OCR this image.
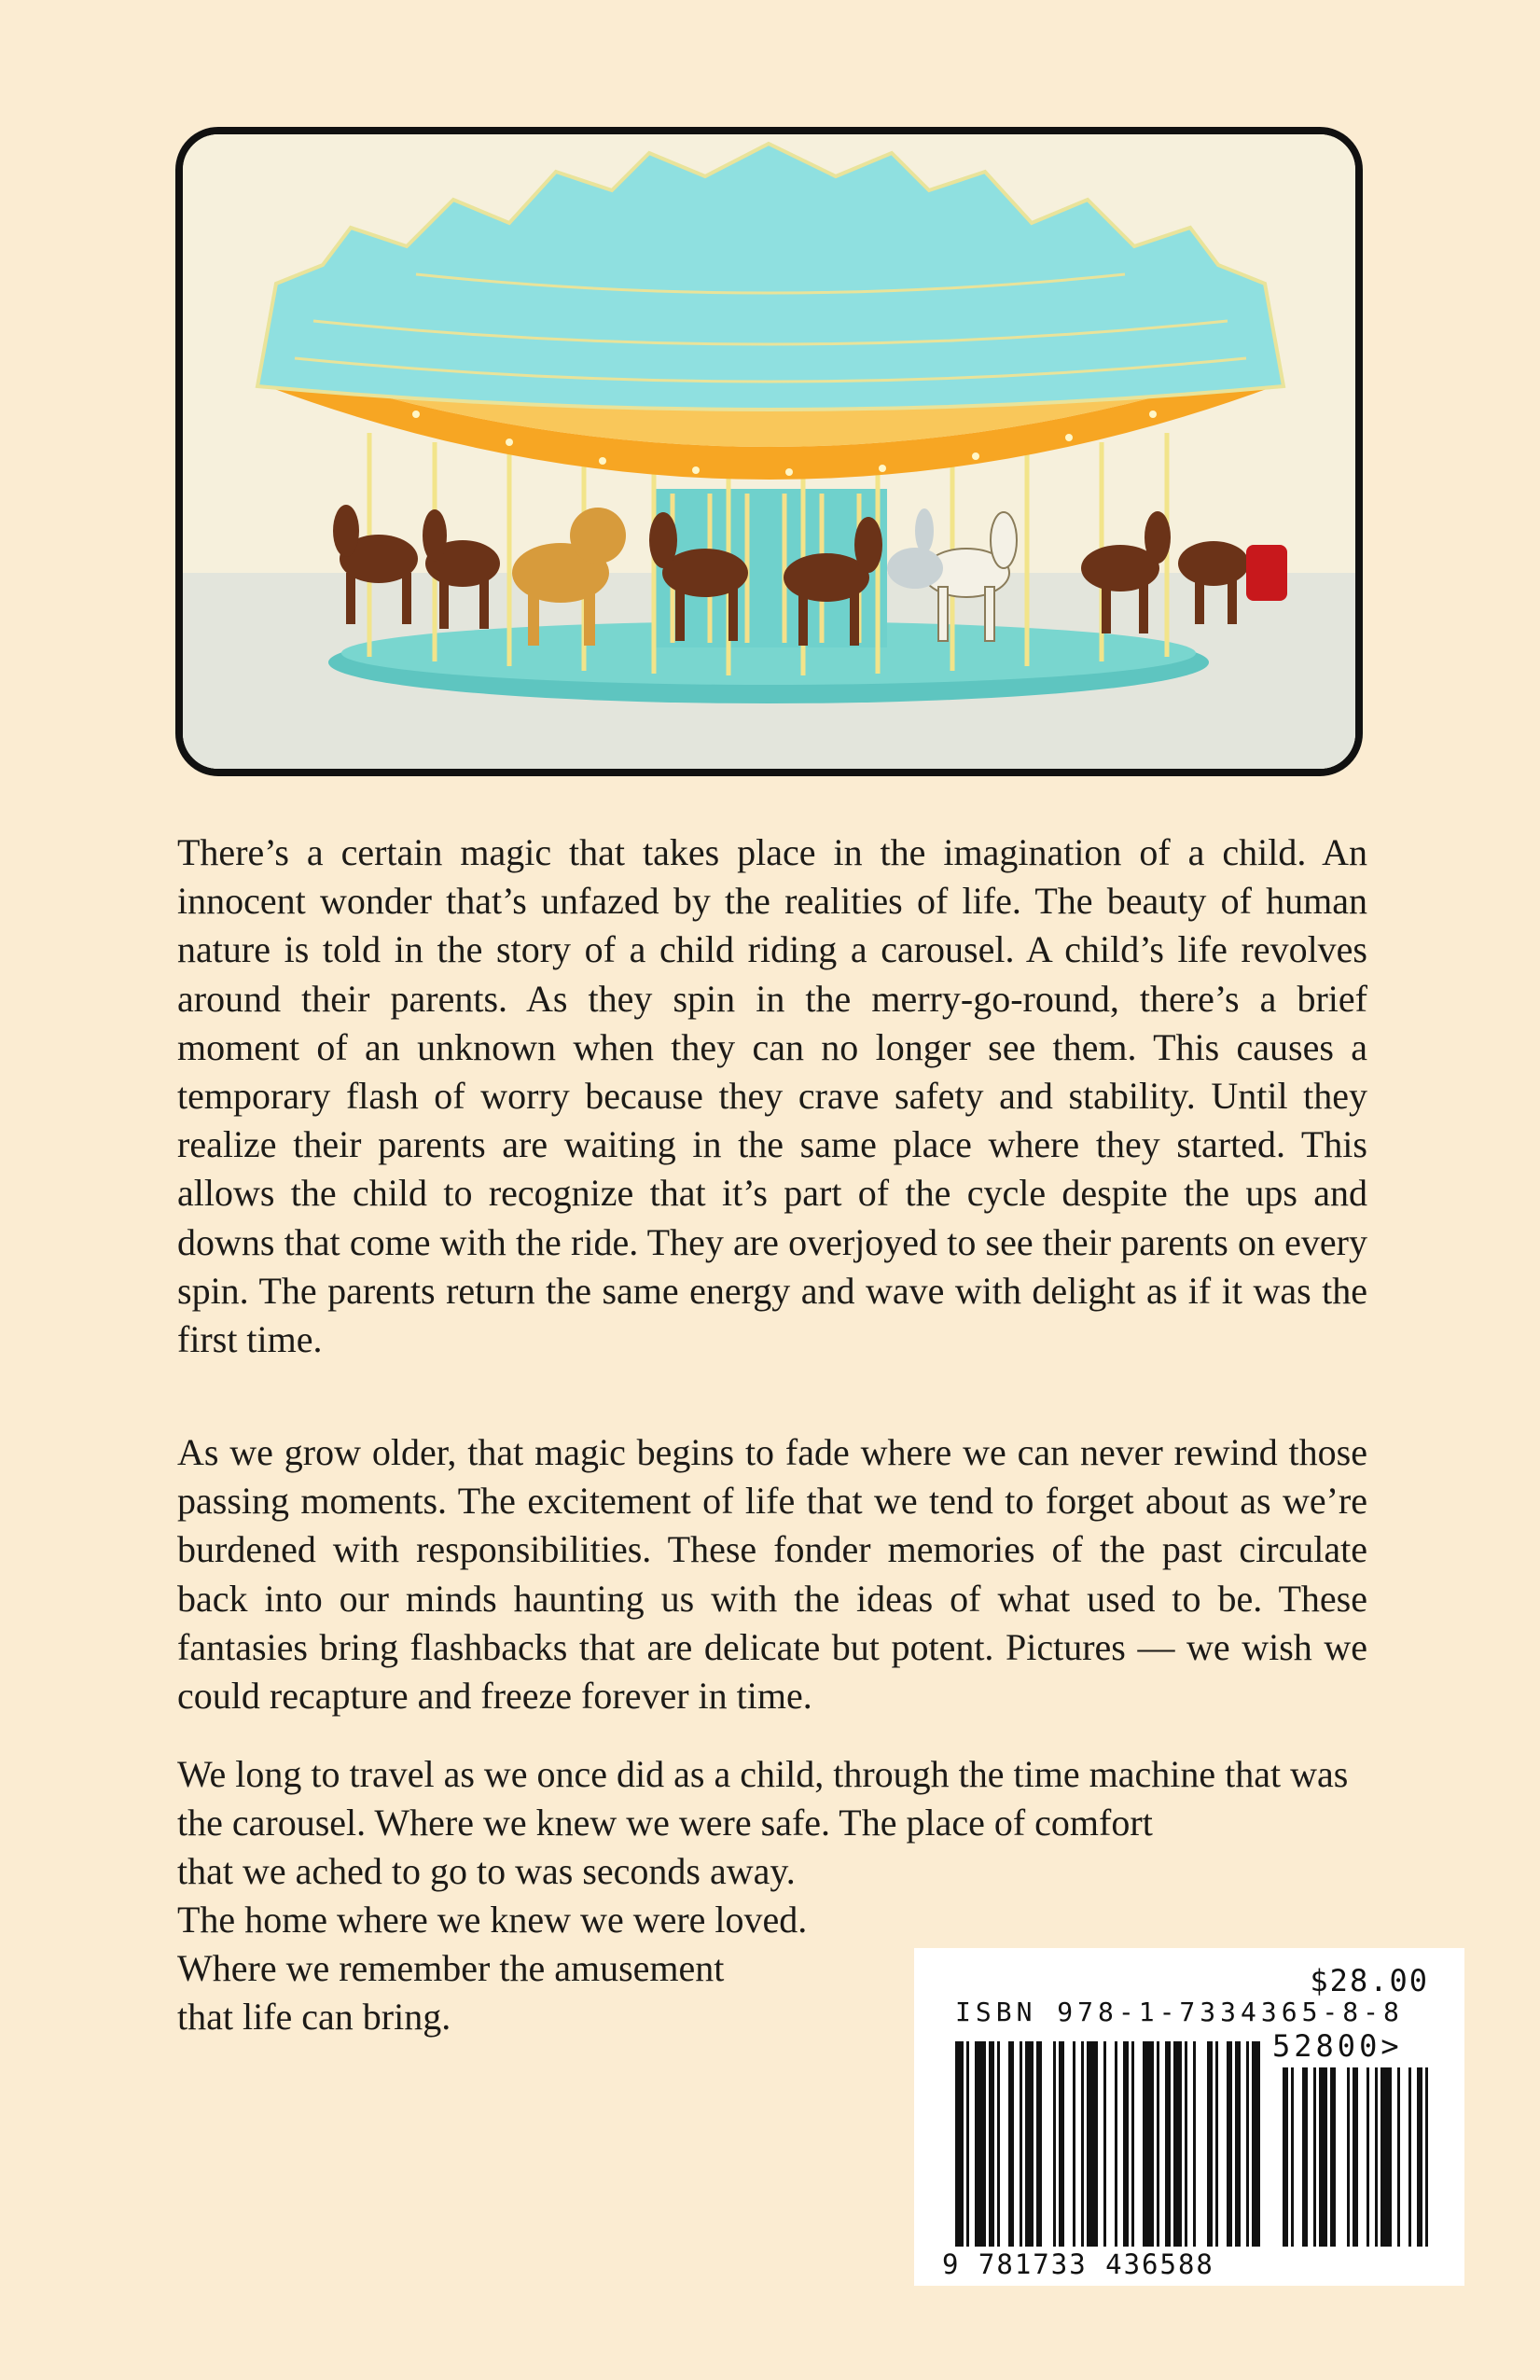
There’s a certain magic that takes place in the imagination of a child. An innocent wonder that’s unfazed by the realities of life. The beauty of human nature is told in the story of a child riding a carousel. A child’s life revolves around their parents. As they spin in the merry-go-round, there’s a brief moment of an unknown when they can no longer see them. This causes a temporary flash of worry because they crave safety and stability. Until they realize their parents are waiting in the same place where they started. This allows the child to recognize that it’s part of the cycle despite the ups and downs that come with the ride. They are overjoyed to see their parents on every spin. The parents return the same energy and wave with delight as if it was the first time.

As we grow older, that magic begins to fade where we can never rewind those passing moments. The excitement of life that we tend to forget about as we’re burdened with responsibilities. These fonder memories of the past circulate back into our minds haunting us with the ideas of what used to be. These fantasies bring flashbacks that are delicate but potent. Pictures — we wish we could recapture and freeze forever in time.

We long to travel as we once did as a child, through the time machine that was

the carousel. Where we knew we were safe. The place of comfort

that we ached to go to was seconds away.

The home where we knew we were loved.

Where we remember the amusement

that life can bring.

$28.00

ISBN 978-1-7334365-8-8

52800>

9 781733 436588
